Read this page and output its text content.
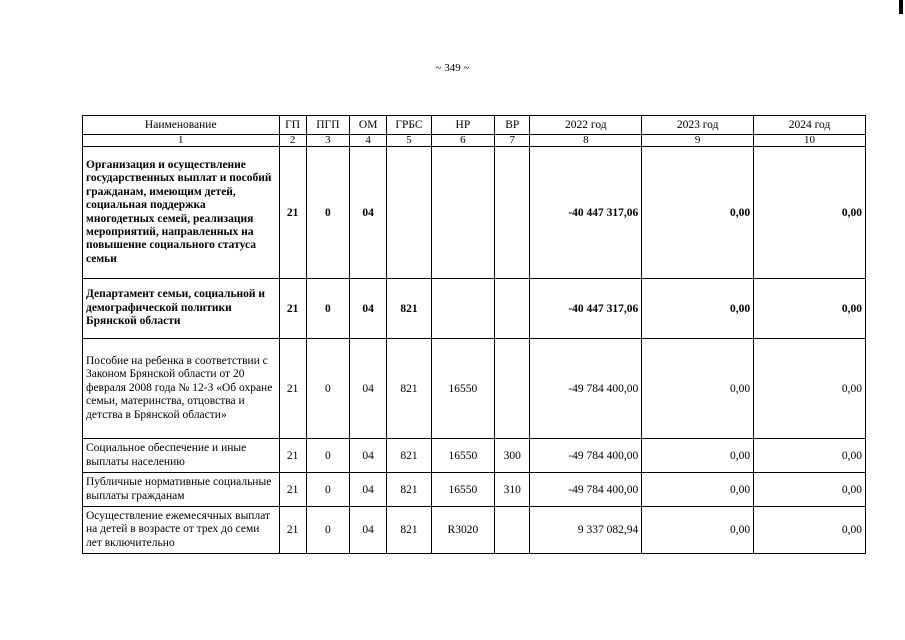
~ 349 ~
Наименование	ГП	ПГП	ОМ	ГРБС	НР	ВР	2022 год	2023 год	2024 год
1	2	3	4	5	6	7	8	9	10
Организация и осуществление государственных выплат и пособий гражданам, имеющим детей, социальная поддержка многодетных семей, реализация мероприятий, направленных на повышение социального статуса семьи	21	0	04				-40 447 317,06	0,00	0,00
Департамент семьи, социальной и демографической политики Брянской области	21	0	04	821			-40 447 317,06	0,00	0,00
Пособие на ребенка в соответствии с Законом Брянской области от 20 февраля 2008 года № 12-З «Об охране семьи, материнства, отцовства и детства в Брянской области»	21	0	04	821	16550		-49 784 400,00	0,00	0,00
Социальное обеспечение и иные выплаты населению	21	0	04	821	16550	300	-49 784 400,00	0,00	0,00
Публичные нормативные социальные выплаты гражданам	21	0	04	821	16550	310	-49 784 400,00	0,00	0,00
Осуществление ежемесячных выплат на детей в возрасте от трех до семи лет включительно	21	0	04	821	R3020		9 337 082,94	0,00	0,00
